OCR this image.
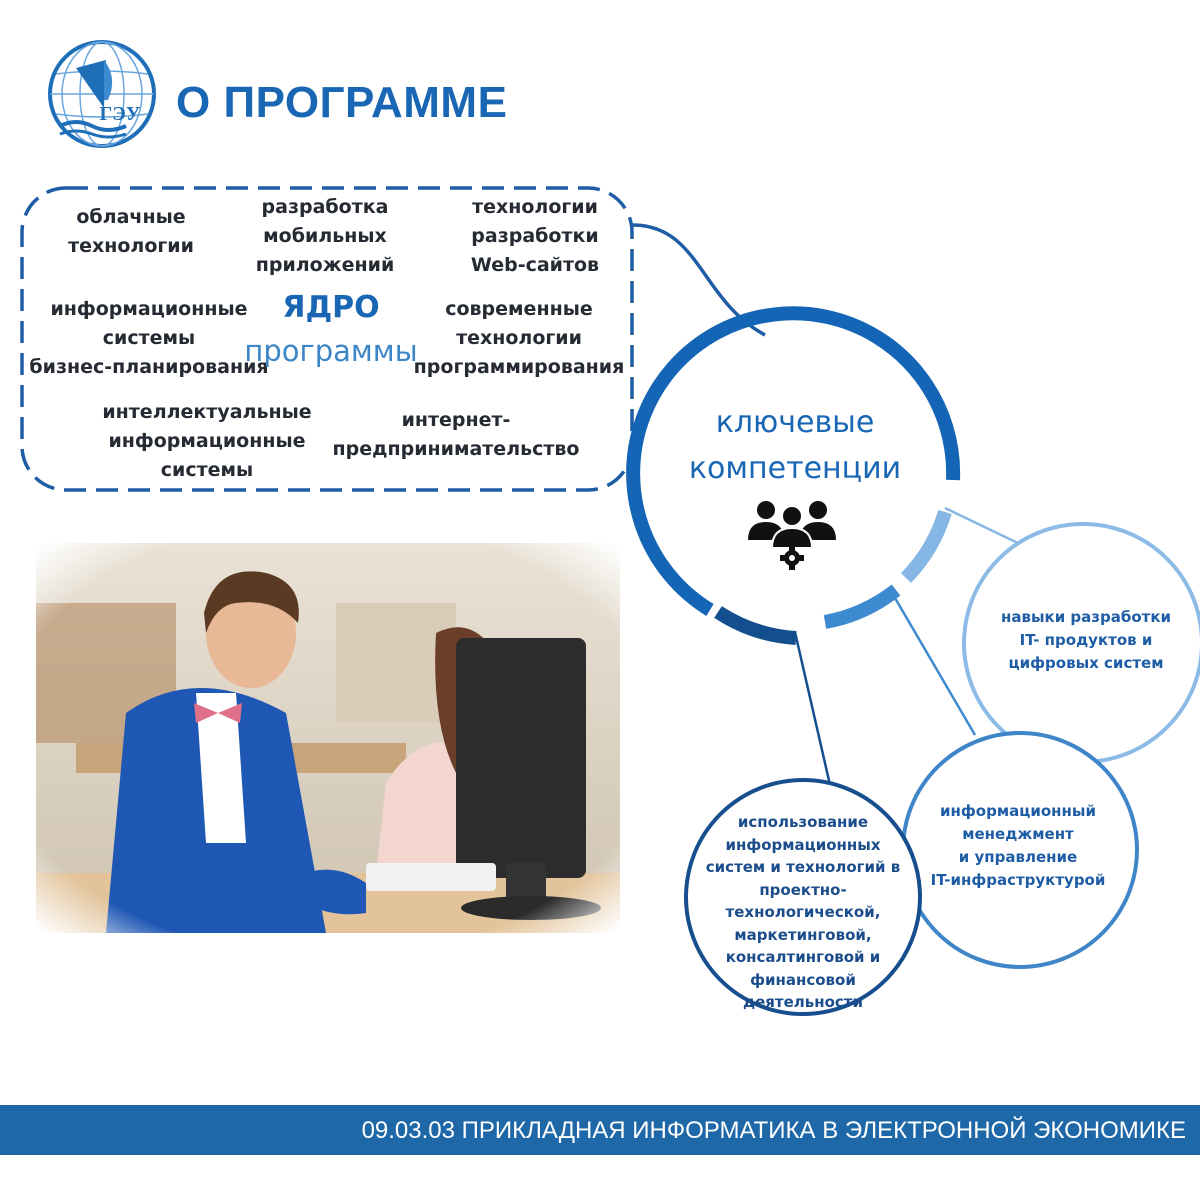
ГЭУ О ПРОГРАММЕ
облачные
технологии
разработка
мобильных
приложений
технологии
разработки
Web-сайтов
информационные
системы
бизнес-планирования
современные
технологии
программирования
интеллектуальные
информационные
системы
интернет-
предпринимательство
ЯДРО
программы
ключевые
компетенции
навыки разработки
IT- продуктов и
цифровых систем
информационный
менеджмент
и управление
IT-инфраструктурой
использование
информационных
систем и технологий в
проектно-
технологической,
маркетинговой,
консалтинговой и
финансовой
деятельности
09.03.03 ПРИКЛАДНАЯ ИНФОРМАТИКА В ЭЛЕКТРОННОЙ ЭКОНОМИКЕ
